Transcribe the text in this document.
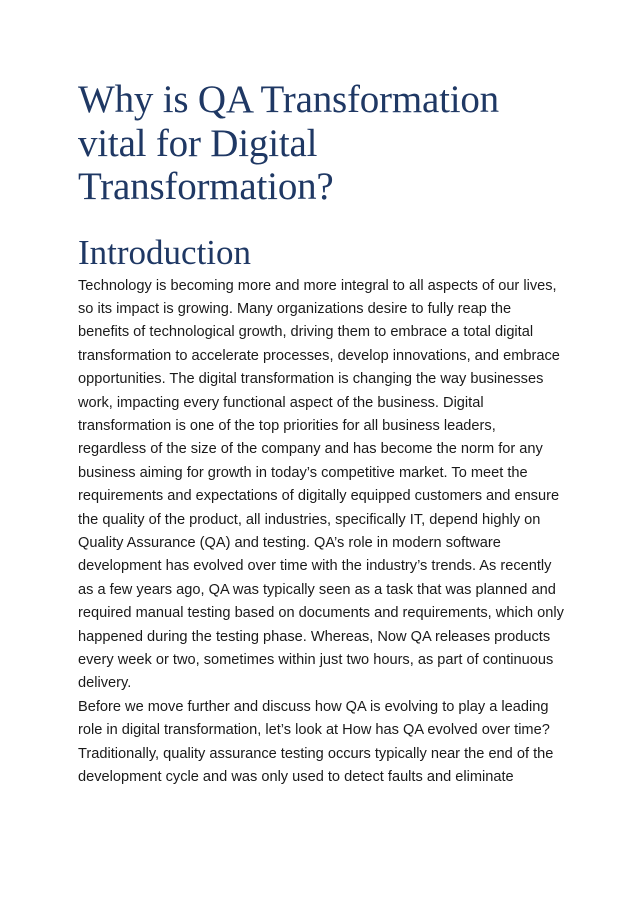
Why is QA Transformation
vital for Digital
Transformation?
Introduction

Technology is becoming more and more integral to all aspects of our lives,
so its impact is growing. Many organizations desire to fully reap the
benefits of technological growth, driving them to embrace a total digital
transformation to accelerate processes, develop innovations, and embrace
opportunities. The digital transformation is changing the way businesses
work, impacting every functional aspect of the business. Digital
transformation is one of the top priorities for all business leaders,
regardless of the size of the company and has become the norm for any
business aiming for growth in today’s competitive market. To meet the
requirements and expectations of digitally equipped customers and ensure
the quality of the product, all industries, specifically IT, depend highly on
Quality Assurance (QA) and testing. QA’s role in modern software
development has evolved over time with the industry’s trends. As recently
as a few years ago, QA was typically seen as a task that was planned and
required manual testing based on documents and requirements, which only
happened during the testing phase. Whereas, Now QA releases products
every week or two, sometimes within just two hours, as part of continuous
delivery.

Before we move further and discuss how QA is evolving to play a leading
role in digital transformation, let’s look at How has QA evolved over time?
Traditionally, quality assurance testing occurs typically near the end of the
development cycle and was only used to detect faults and eliminate
